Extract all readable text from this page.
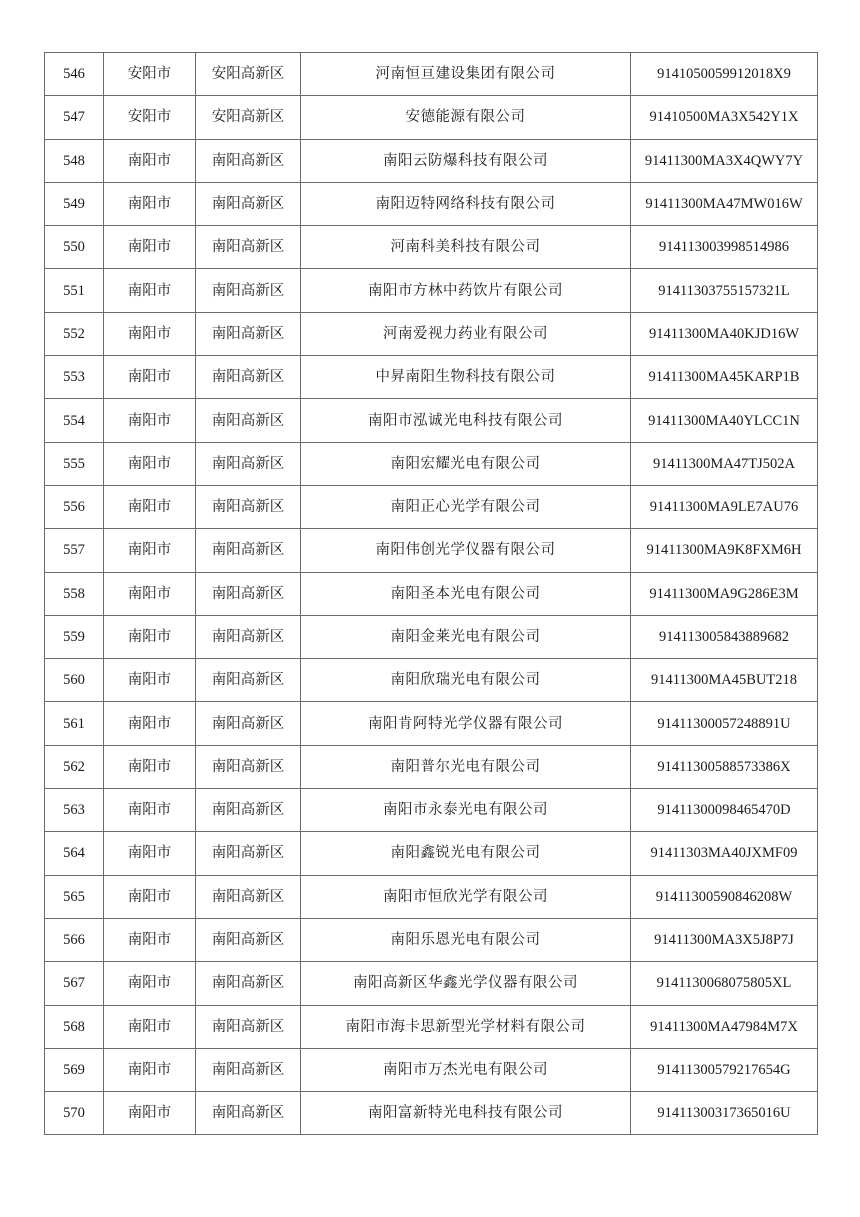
546	安阳市	安阳高新区	河南恒亘建设集团有限公司	9141050059912018X9
547	安阳市	安阳高新区	安德能源有限公司	91410500MA3X542Y1X
548	南阳市	南阳高新区	南阳云防爆科技有限公司	91411300MA3X4QWY7Y
549	南阳市	南阳高新区	南阳迈特网络科技有限公司	91411300MA47MW016W
550	南阳市	南阳高新区	河南科美科技有限公司	914113003998514986
551	南阳市	南阳高新区	南阳市方林中药饮片有限公司	91411303755157321L
552	南阳市	南阳高新区	河南爱视力药业有限公司	91411300MA40KJD16W
553	南阳市	南阳高新区	中昇南阳生物科技有限公司	91411300MA45KARP1B
554	南阳市	南阳高新区	南阳市泓诚光电科技有限公司	91411300MA40YLCC1N
555	南阳市	南阳高新区	南阳宏耀光电有限公司	91411300MA47TJ502A
556	南阳市	南阳高新区	南阳正心光学有限公司	91411300MA9LE7AU76
557	南阳市	南阳高新区	南阳伟创光学仪器有限公司	91411300MA9K8FXM6H
558	南阳市	南阳高新区	南阳圣本光电有限公司	91411300MA9G286E3M
559	南阳市	南阳高新区	南阳金莱光电有限公司	914113005843889682
560	南阳市	南阳高新区	南阳欣瑞光电有限公司	91411300MA45BUT218
561	南阳市	南阳高新区	南阳肯阿特光学仪器有限公司	91411300057248891U
562	南阳市	南阳高新区	南阳普尔光电有限公司	91411300588573386X
563	南阳市	南阳高新区	南阳市永泰光电有限公司	91411300098465470D
564	南阳市	南阳高新区	南阳鑫锐光电有限公司	91411303MA40JXMF09
565	南阳市	南阳高新区	南阳市恒欣光学有限公司	91411300590846208W
566	南阳市	南阳高新区	南阳乐恩光电有限公司	91411300MA3X5J8P7J
567	南阳市	南阳高新区	南阳高新区华鑫光学仪器有限公司	9141130068075805XL
568	南阳市	南阳高新区	南阳市海卡思新型光学材料有限公司	91411300MA47984M7X
569	南阳市	南阳高新区	南阳市万杰光电有限公司	91411300579217654G
570	南阳市	南阳高新区	南阳富新特光电科技有限公司	91411300317365016U
